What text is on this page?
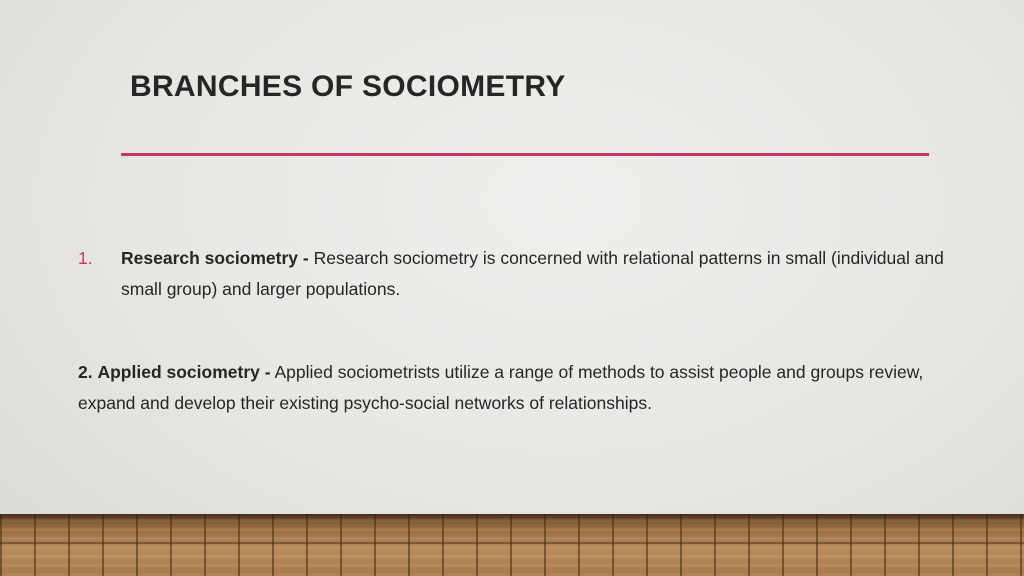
BRANCHES OF SOCIOMETRY
1. Research sociometry - Research sociometry is concerned with relational patterns in small (individual and small group) and larger populations.
2. Applied sociometry - Applied sociometrists utilize a range of methods to assist people and groups review, expand and develop their existing psycho-social networks of relationships.
